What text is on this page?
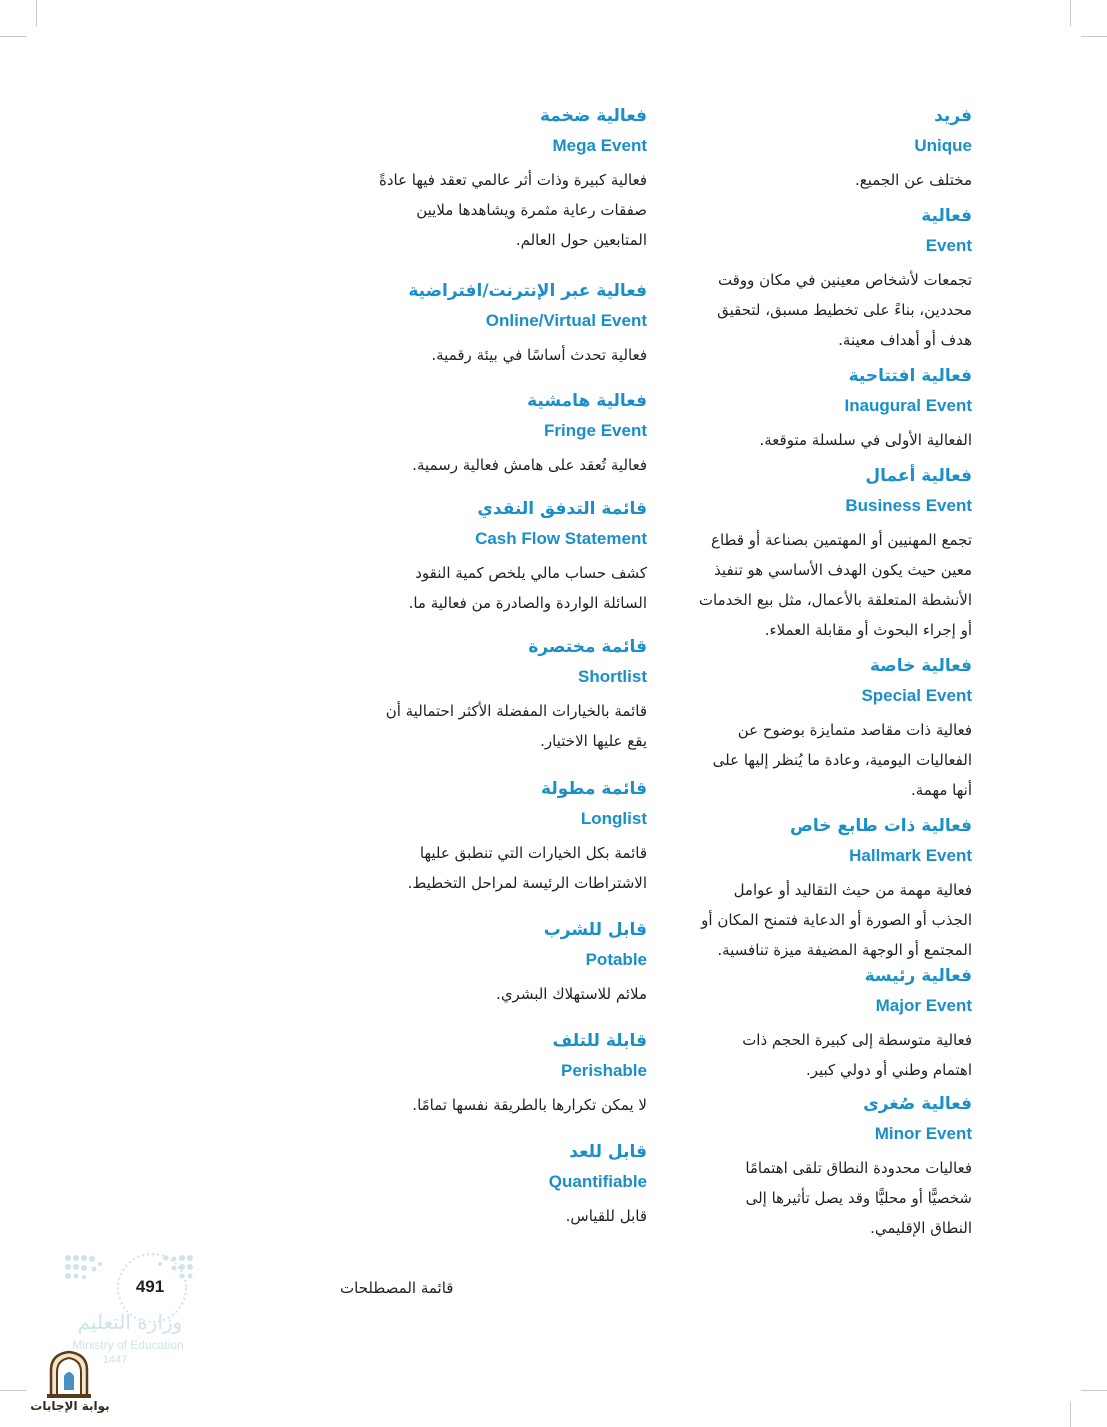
فريد
Unique
مختلف عن الجميع.
فعالية
Event
تجمعات لأشخاص معينين في مكان ووقت
محددين، بناءً على تخطيط مسبق، لتحقيق
هدف أو أهداف معينة.
فعالية افتتاحية
Inaugural Event
الفعالية الأولى في سلسلة متوقعة.
فعالية أعمال
Business Event
تجمع المهنيين أو المهتمين بصناعة أو قطاع
معين حيث يكون الهدف الأساسي هو تنفيذ
الأنشطة المتعلقة بالأعمال، مثل بيع الخدمات
أو إجراء البحوث أو مقابلة العملاء.
فعالية خاصة
Special Event
فعالية ذات مقاصد متمايزة بوضوح عن
الفعاليات اليومية، وعادة ما يُنظر إليها على
أنها مهمة.
فعالية ذات طابع خاص
Hallmark Event
فعالية مهمة من حيث التقاليد أو عوامل
الجذب أو الصورة أو الدعاية فتمنح المكان أو
المجتمع أو الوجهة المضيفة ميزة تنافسية.
فعالية رئيسة
Major Event
فعالية متوسطة إلى كبيرة الحجم ذات
اهتمام وطني أو دولي كبير.
فعالية صُغرى
Minor Event
فعاليات محدودة النطاق تلقى اهتمامًا
شخصيًّا أو محليًّا وقد يصل تأثيرها إلى
النطاق الإقليمي.
فعالية ضخمة
Mega Event
فعالية كبيرة وذات أثر عالمي تعقد فيها عادةً
صفقات رعاية مثمرة ويشاهدها ملايين
المتابعين حول العالم.
فعالية عبر الإنترنت/افتراضية
Online/Virtual Event
فعالية تحدث أساسًا في بيئة رقمية.
فعالية هامشية
Fringe Event
فعالية تُعقد على هامش فعالية رسمية.
قائمة التدفق النقدي
Cash Flow Statement
كشف حساب مالي يلخص كمية النقود
السائلة الواردة والصادرة من فعالية ما.
قائمة مختصرة
Shortlist
قائمة بالخيارات المفضلة الأكثر احتمالية أن
يقع عليها الاختيار.
قائمة مطولة
Longlist
قائمة بكل الخيارات التي تنطبق عليها
الاشتراطات الرئيسة لمراحل التخطيط.
قابل للشرب
Potable
ملائم للاستهلاك البشري.
قابلة للتلف
Perishable
لا يمكن تكرارها بالطريقة نفسها تمامًا.
قابل للعد
Quantifiable
قابل للقياس.
قائمة المصطلحات
491
وزارة التعليم
Ministry of Education
1447
بوابة الإجابات
